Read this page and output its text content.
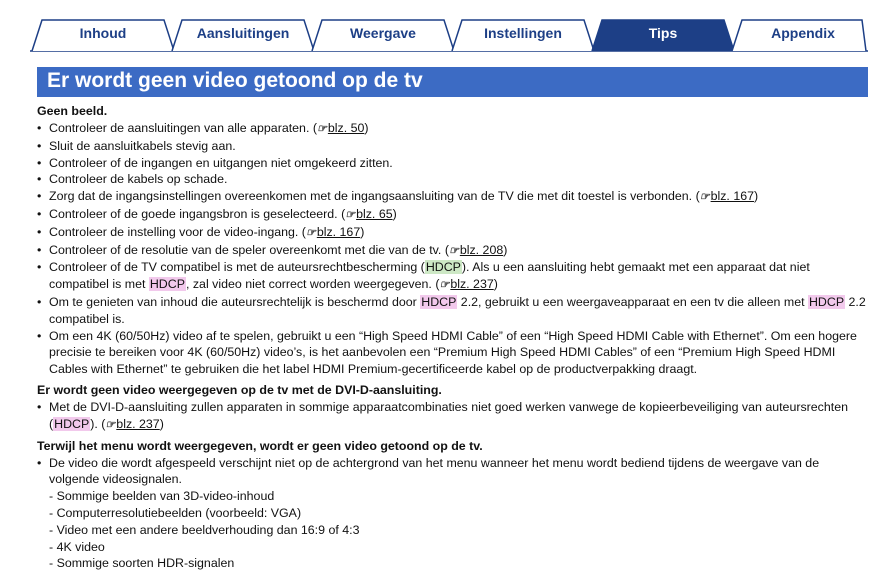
Inhoud	Aansluitingen	Weergave	Instellingen	Tips	Appendix
Er wordt geen video getoond op de tv

Geen beeld.

• Controleer de aansluitingen van alle apparaten. (☞blz. 50)
• Sluit de aansluitkabels stevig aan.
• Controleer of de ingangen en uitgangen niet omgekeerd zitten.
• Controleer de kabels op schade.
• Zorg dat de ingangsinstellingen overeenkomen met de ingangsaansluiting van de TV die met dit toestel is verbonden. (☞blz. 167)
• Controleer of de goede ingangsbron is geselecteerd. (☞blz. 65)
• Controleer de instelling voor de video-ingang. (☞blz. 167)
• Controleer of de resolutie van de speler overeenkomt met die van de tv. (☞blz. 208)
• Controleer of de TV compatibel is met de auteursrechtbescherming (HDCP). Als u een aansluiting hebt gemaakt met een apparaat dat niet compatibel is met HDCP, zal video niet correct worden weergegeven. (☞blz. 237)
• Om te genieten van inhoud die auteursrechtelijk is beschermd door HDCP 2.2, gebruikt u een weergaveapparaat en een tv die alleen met HDCP 2.2 compatibel is.
• Om een 4K (60/50Hz) video af te spelen, gebruikt u een “High Speed HDMI Cable” of een “High Speed HDMI Cable with Ethernet”. Om een hogere precisie te bereiken voor 4K (60/50Hz) video’s, is het aanbevolen een “Premium High Speed HDMI Cables” of een “Premium High Speed HDMI Cables with Ethernet” te gebruiken die het label HDMI Premium-gecertificeerde kabel op de productverpakking draagt.

Er wordt geen video weergegeven op de tv met de DVI-D-aansluiting.

• Met de DVI-D-aansluiting zullen apparaten in sommige apparaatcombinaties niet goed werken vanwege de kopieerbeveiliging van auteursrechten (HDCP). (☞blz. 237)

Terwijl het menu wordt weergegeven, wordt er geen video getoond op de tv.

• De video die wordt afgespeeld verschijnt niet op de achtergrond van het menu wanneer het menu wordt bediend tijdens de weergave van de volgende videosignalen.
- Sommige beelden van 3D-video-inhoud
- Computerresolutiebeelden (voorbeeld: VGA)
- Video met een andere beeldverhouding dan 16:9 of 4:3
- 4K video
- Sommige soorten HDR-signalen
